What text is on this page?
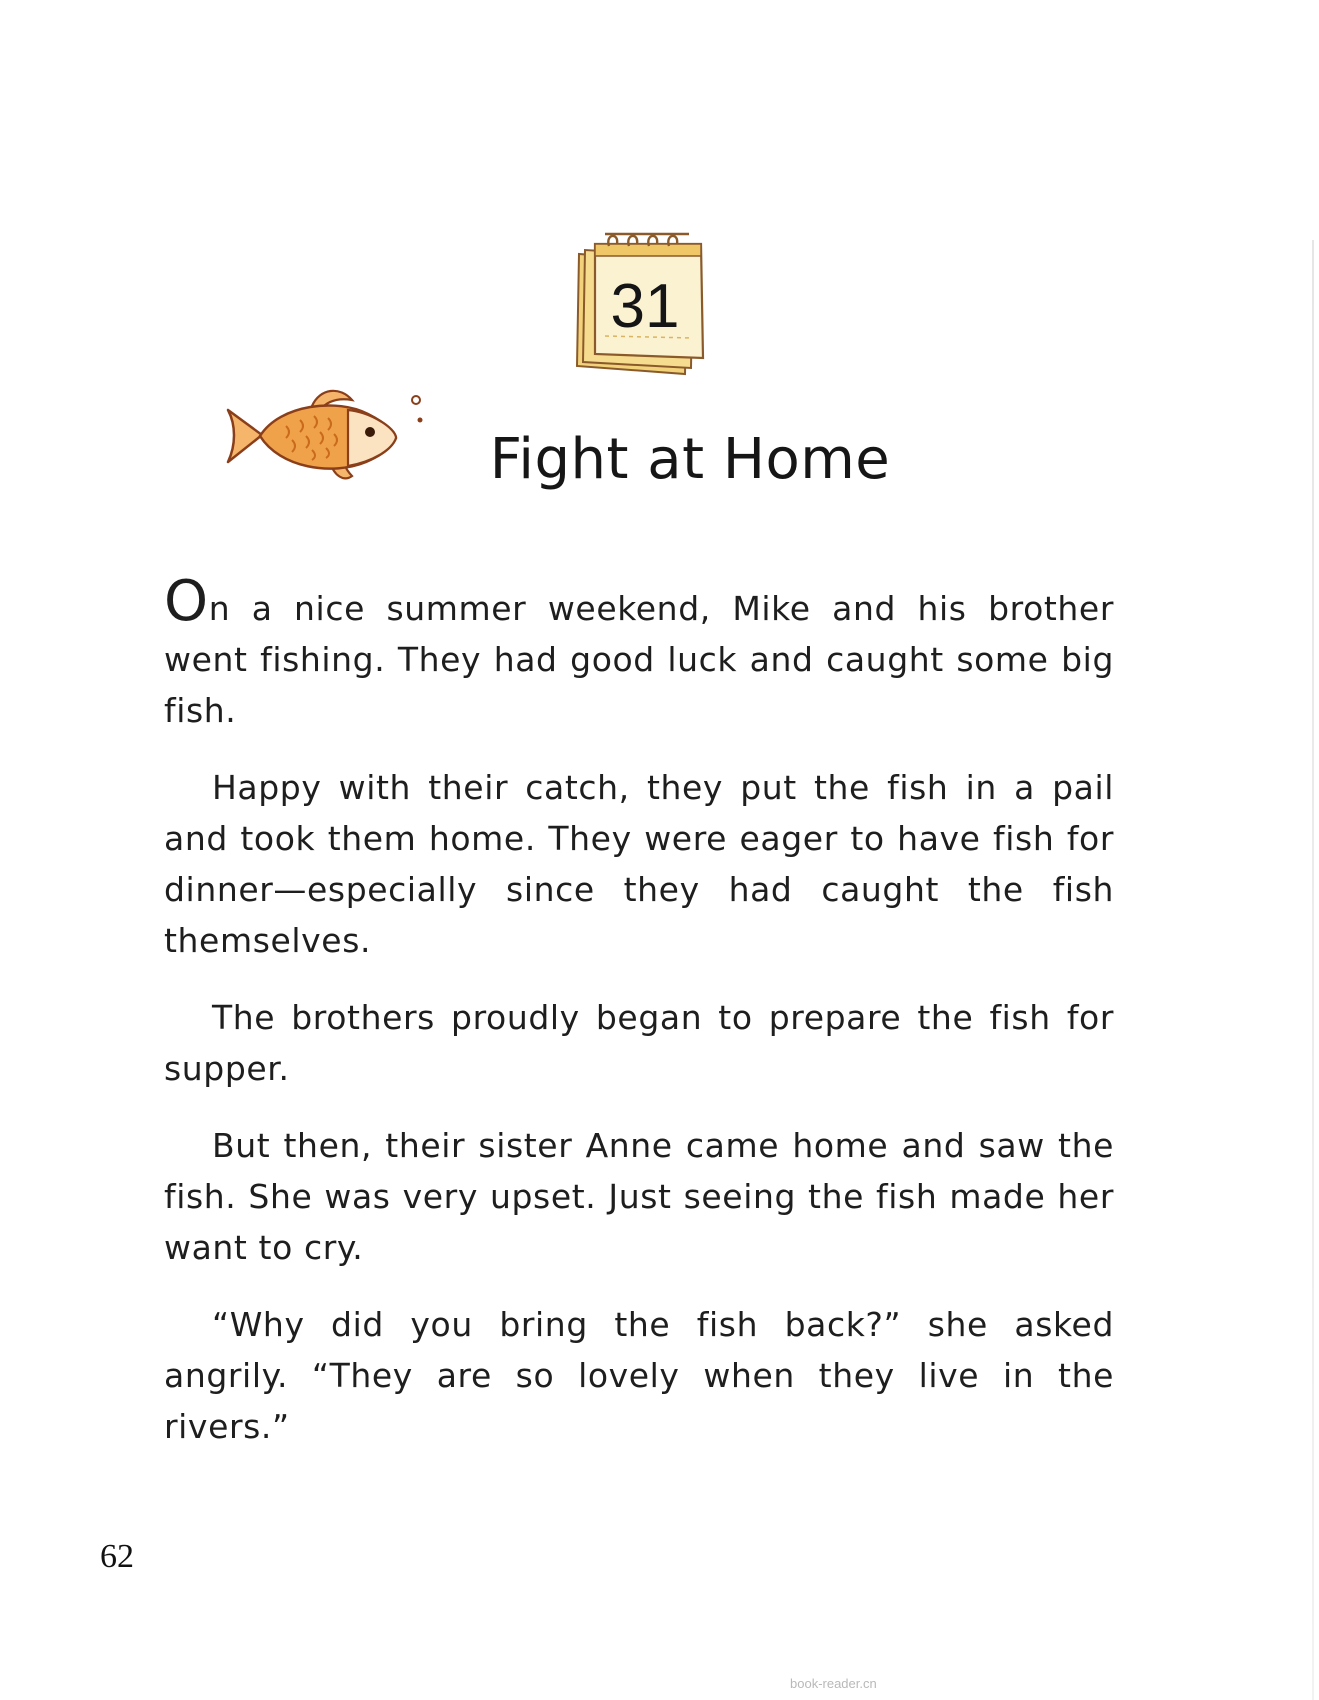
31
Fight at Home

On a nice summer weekend, Mike and his brother went fishing. They had good luck and caught some big fish.

Happy with their catch, they put the fish in a pail and took them home. They were eager to have fish for dinner—especially since they had caught the fish themselves.

The brothers proudly began to prepare the fish for supper.

But then, their sister Anne came home and saw the fish. She was very upset. Just seeing the fish made her want to cry.

“Why did you bring the fish back?” she asked angrily. “They are so lovely when they live in the rivers.”

62
book-reader.cn
